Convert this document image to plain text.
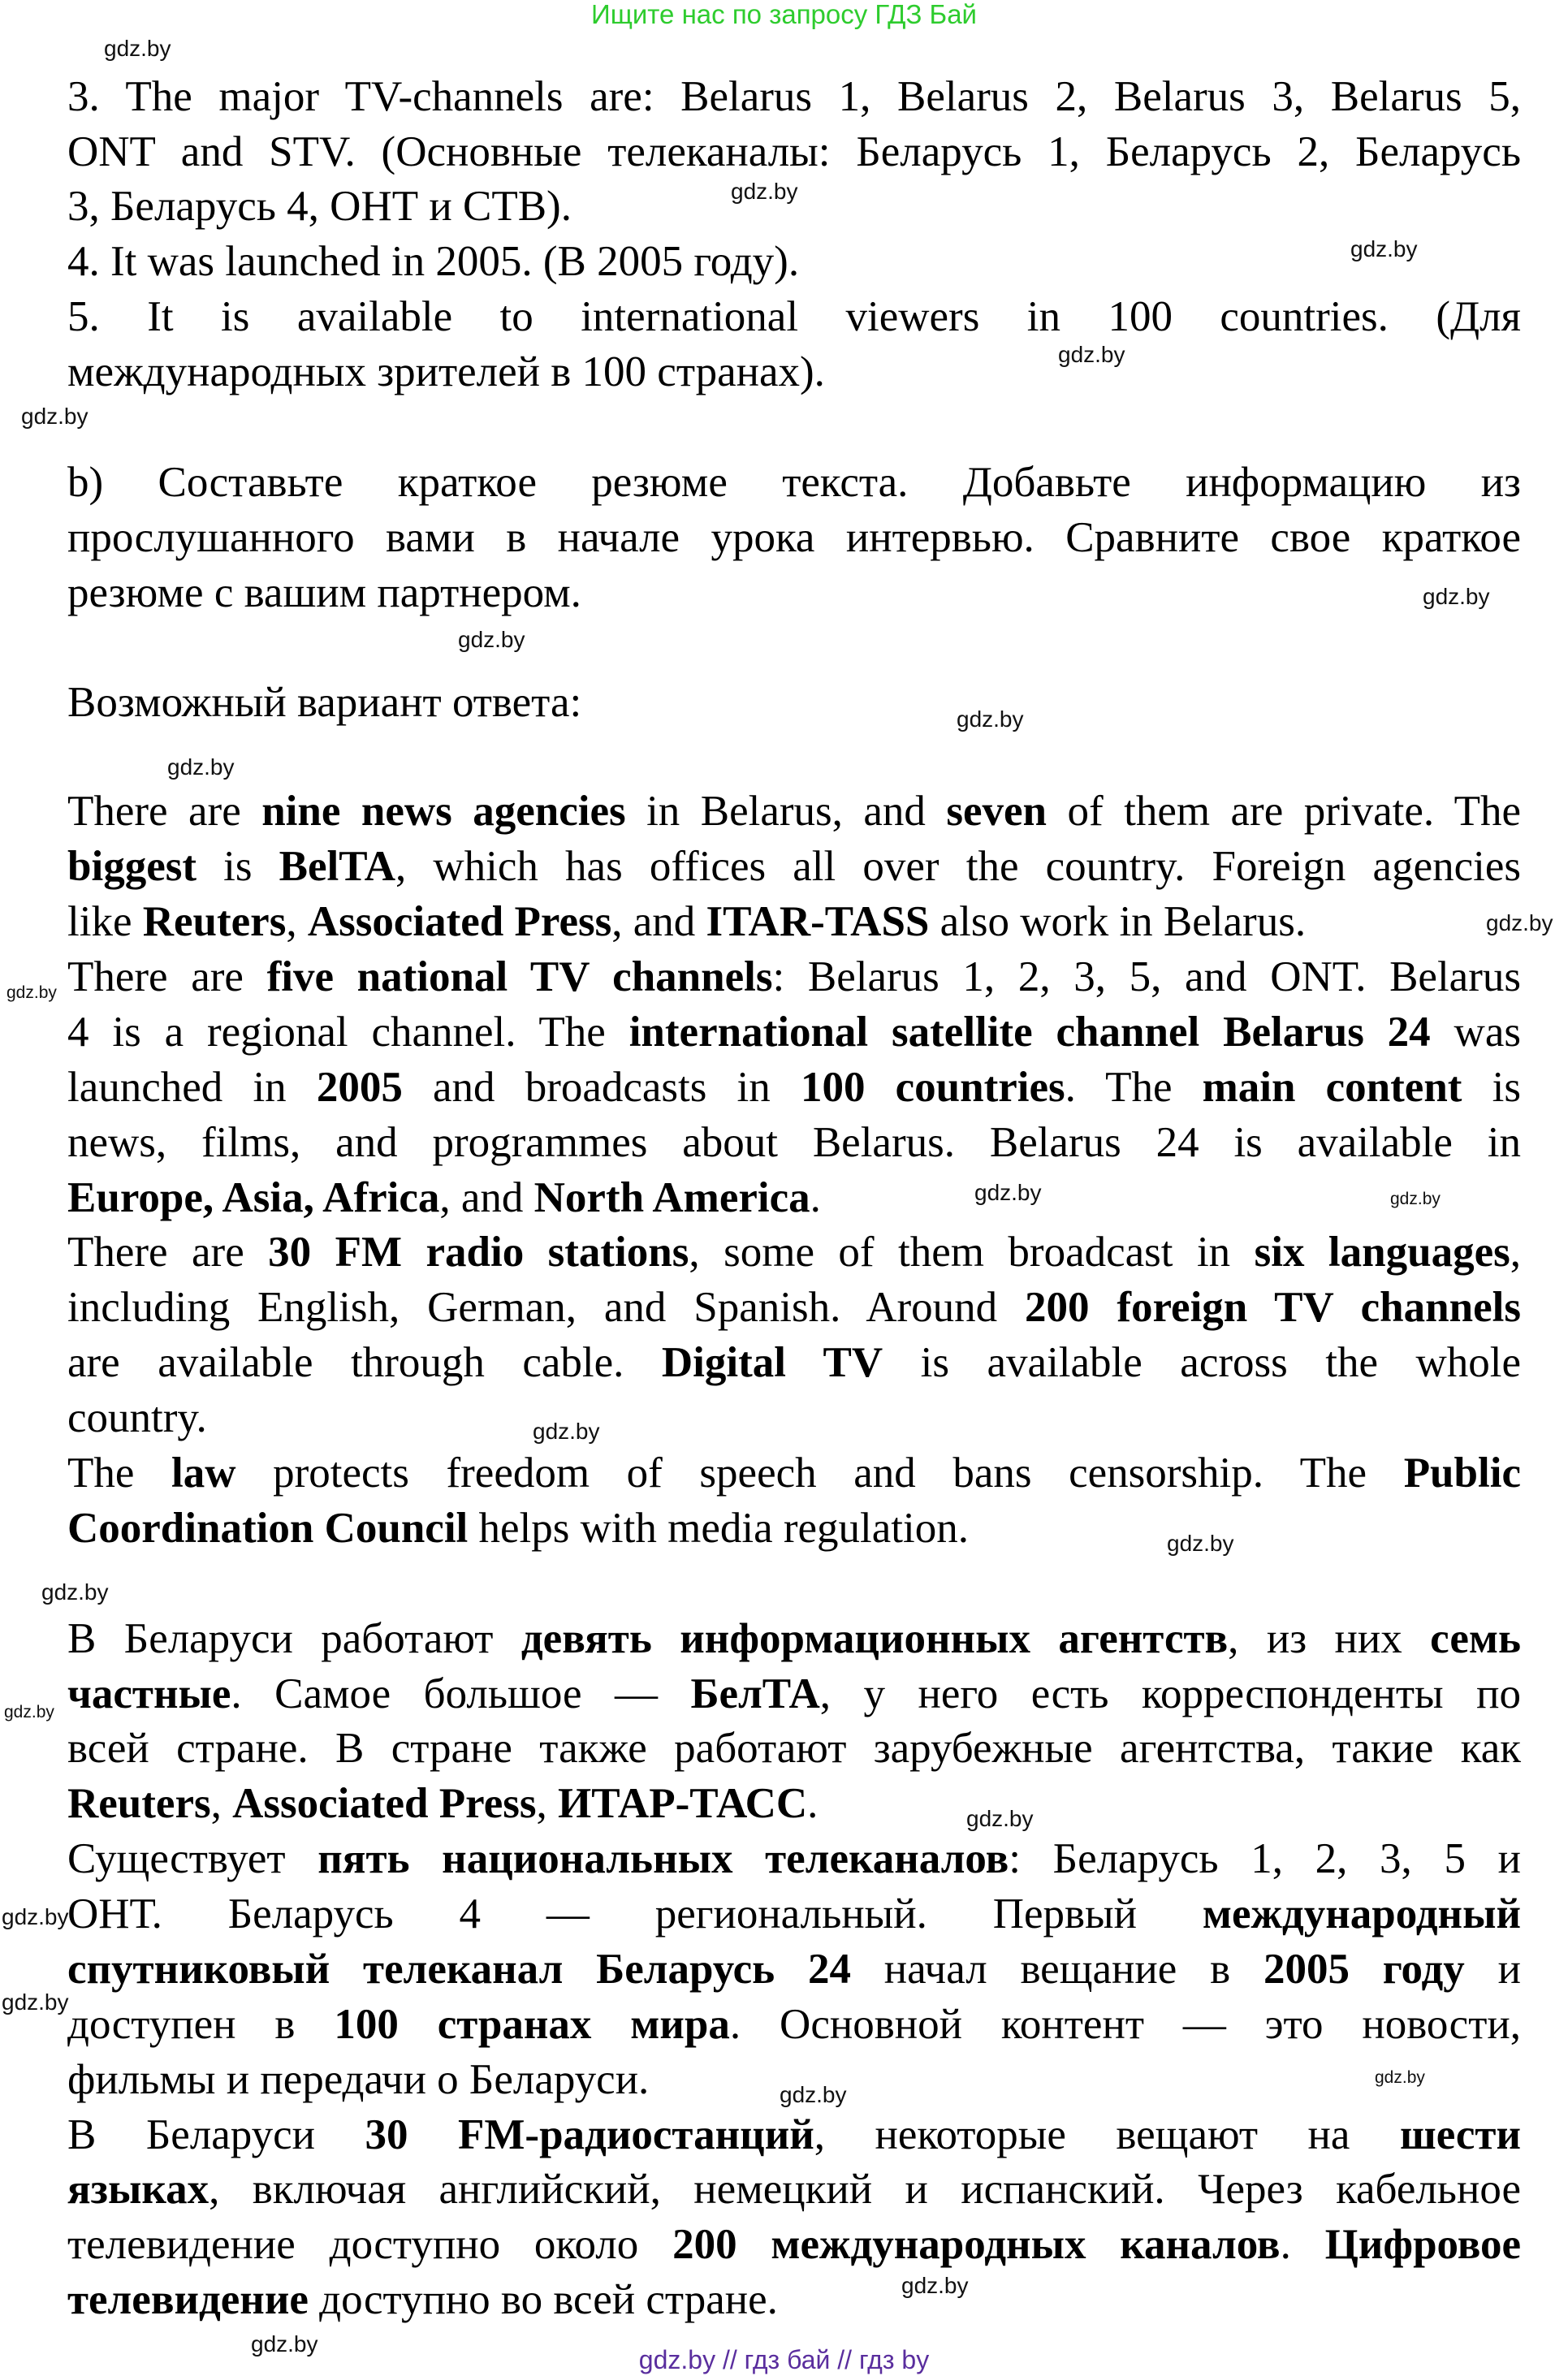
Ищите нас по запросу ГДЗ Бай
3. The major TV-channels are: Belarus 1, Belarus 2, Belarus 3, Belarus 5,
ONT and STV. (Основные телеканалы: Беларусь 1, Беларусь 2, Беларусь
3, Беларусь 4, ОНТ и СТВ).
4. It was launched in 2005. (В 2005 году).
5. It is available to international viewers in 100 countries. (Для
международных зрителей в 100 странах).
b) Составьте краткое резюме текста. Добавьте информацию из
прослушанного вами в начале урока интервью. Сравните свое краткое
резюме с вашим партнером.
Возможный вариант ответа:
There are nine news agencies in Belarus, and seven of them are private. The
biggest is BelTA, which has offices all over the country. Foreign agencies
like Reuters, Associated Press, and ITAR-TASS also work in Belarus.
There are five national TV channels: Belarus 1, 2, 3, 5, and ONT. Belarus
4 is a regional channel. The international satellite channel Belarus 24 was
launched in 2005 and broadcasts in 100 countries. The main content is
news, films, and programmes about Belarus. Belarus 24 is available in
Europe, Asia, Africa, and North America.
There are 30 FM radio stations, some of them broadcast in six languages,
including English, German, and Spanish. Around 200 foreign TV channels
are available through cable. Digital TV is available across the whole
country.
The law protects freedom of speech and bans censorship. The Public
Coordination Council helps with media regulation.
В Беларуси работают девять информационных агентств, из них семь
частные. Самое большое — БелТА, у него есть корреспонденты по
всей стране. В стране также работают зарубежные агентства, такие как
Reuters, Associated Press, ИТАР-ТАСС.
Существует пять национальных телеканалов: Беларусь 1, 2, 3, 5 и
ОНТ. Беларусь 4 — региональный. Первый международный
спутниковый телеканал Беларусь 24 начал вещание в 2005 году и
доступен в 100 странах мира. Основной контент — это новости,
фильмы и передачи о Беларуси.
В Беларуси 30 FM-радиостанций, некоторые вещают на шести
языках, включая английский, немецкий и испанский. Через кабельное
телевидение доступно около 200 международных каналов. Цифровое
телевидение доступно во всей стране.
gdz.by
gdz.by
gdz.by
gdz.by
gdz.by
gdz.by
gdz.by
gdz.by
gdz.by
gdz.by
gdz.by
gdz.by	gdz.by
gdz.by
gdz.by
gdz.by
gdz.by
gdz.by
gdz.by
gdz.by
gdz.by
gdz.by
gdz.by
gdz.by
gdz.by // гдз бай // гдз by
